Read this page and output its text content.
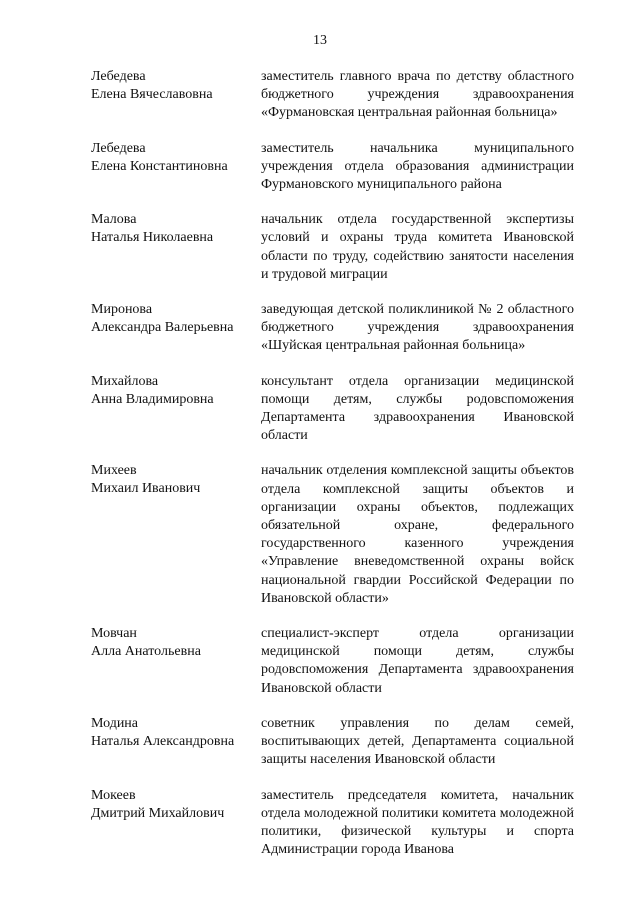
13
Лебедева
Елена Вячеславовна
заместитель главного врача по детству областного бюджетного учреждения здравоохранения «Фурмановская центральная районная больница»
Лебедева
Елена Константиновна
заместитель начальника муниципального учреждения отдела образования администрации Фурмановского муниципального района
Малова
Наталья Николаевна
начальник отдела государственной экспертизы условий и охраны труда комитета Ивановской области по труду, содействию занятости населения и трудовой миграции
Миронова
Александра Валерьевна
заведующая детской поликлиникой № 2 областного бюджетного учреждения здравоохранения «Шуйская центральная районная больница»
Михайлова
Анна Владимировна
консультант отдела организации медицинской помощи детям, службы родовспоможения Департамента здравоохранения Ивановской области
Михеев
Михаил Иванович
начальник отделения комплексной защиты объектов отдела комплексной защиты объектов и организации охраны объектов, подлежащих обязательной охране, федерального государственного казенного учреждения «Управление вневедомственной охраны войск национальной гвардии Российской Федерации по Ивановской области»
Мовчан
Алла Анатольевна
специалист-эксперт отдела организации медицинской помощи детям, службы родовспоможения Департамента здравоохранения Ивановской области
Модина
Наталья Александровна
советник управления по делам семей, воспитывающих детей, Департамента социальной защиты населения Ивановской области
Мокеев
Дмитрий Михайлович
заместитель председателя комитета, начальник отдела молодежной политики комитета молодежной политики, физической культуры и спорта Администрации города Иванова
